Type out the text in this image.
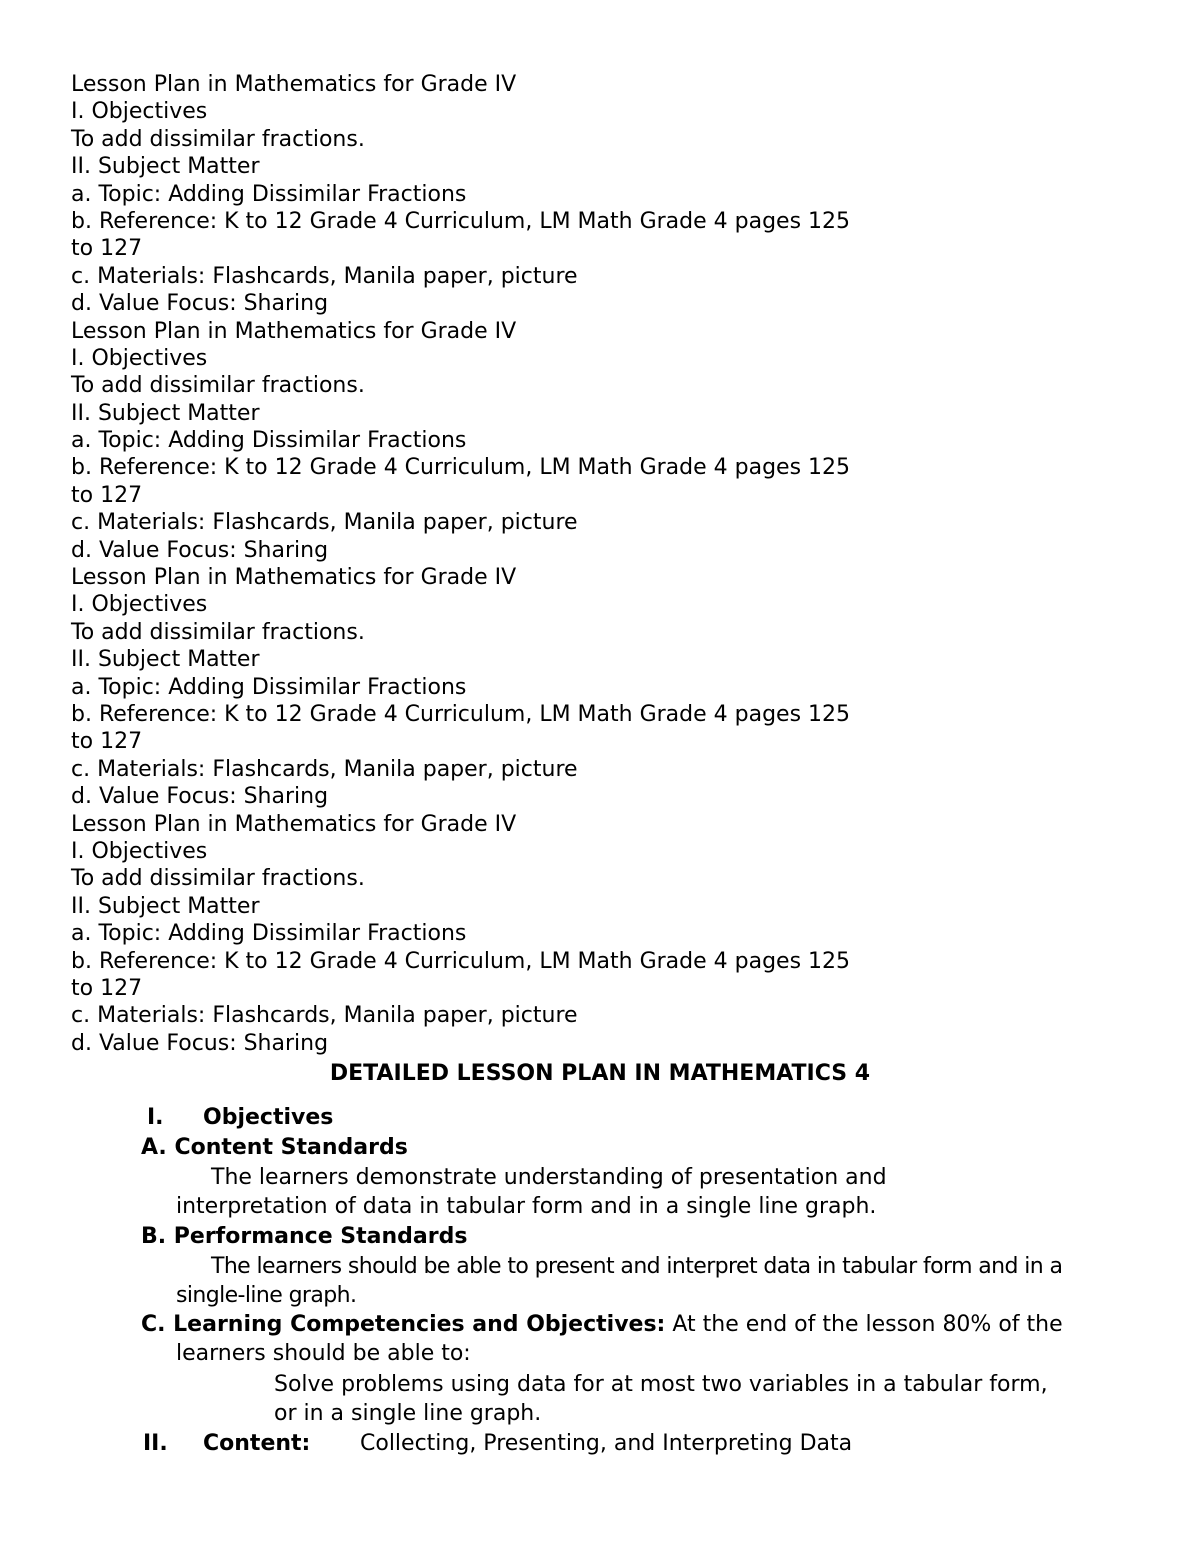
Lesson Plan in Mathematics for Grade IV
I. Objectives
To add dissimilar fractions.
II. Subject Matter
a. Topic: Adding Dissimilar Fractions
b. Reference: K to 12 Grade 4 Curriculum, LM Math Grade 4 pages 125
to 127
c. Materials: Flashcards, Manila paper, picture
d. Value Focus: Sharing
Lesson Plan in Mathematics for Grade IV
I. Objectives
To add dissimilar fractions.
II. Subject Matter
a. Topic: Adding Dissimilar Fractions
b. Reference: K to 12 Grade 4 Curriculum, LM Math Grade 4 pages 125
to 127
c. Materials: Flashcards, Manila paper, picture
d. Value Focus: Sharing
Lesson Plan in Mathematics for Grade IV
I. Objectives
To add dissimilar fractions.
II. Subject Matter
a. Topic: Adding Dissimilar Fractions
b. Reference: K to 12 Grade 4 Curriculum, LM Math Grade 4 pages 125
to 127
c. Materials: Flashcards, Manila paper, picture
d. Value Focus: Sharing
Lesson Plan in Mathematics for Grade IV
I. Objectives
To add dissimilar fractions.
II. Subject Matter
a. Topic: Adding Dissimilar Fractions
b. Reference: K to 12 Grade 4 Curriculum, LM Math Grade 4 pages 125
to 127
c. Materials: Flashcards, Manila paper, picture
d. Value Focus: Sharing
DETAILED LESSON PLAN IN MATHEMATICS 4
I. Objectives
A. Content Standards
The learners demonstrate understanding of presentation and
interpretation of data in tabular form and in a single line graph.
B. Performance Standards
The learners should be able to present and interpret data in tabular form and in a
single-line graph.
C. Learning Competencies and Objectives: At the end of the lesson 80% of the
learners should be able to:
Solve problems using data for at most two variables in a tabular form,
or in a single line graph.
II. Content: Collecting, Presenting, and Interpreting Data
